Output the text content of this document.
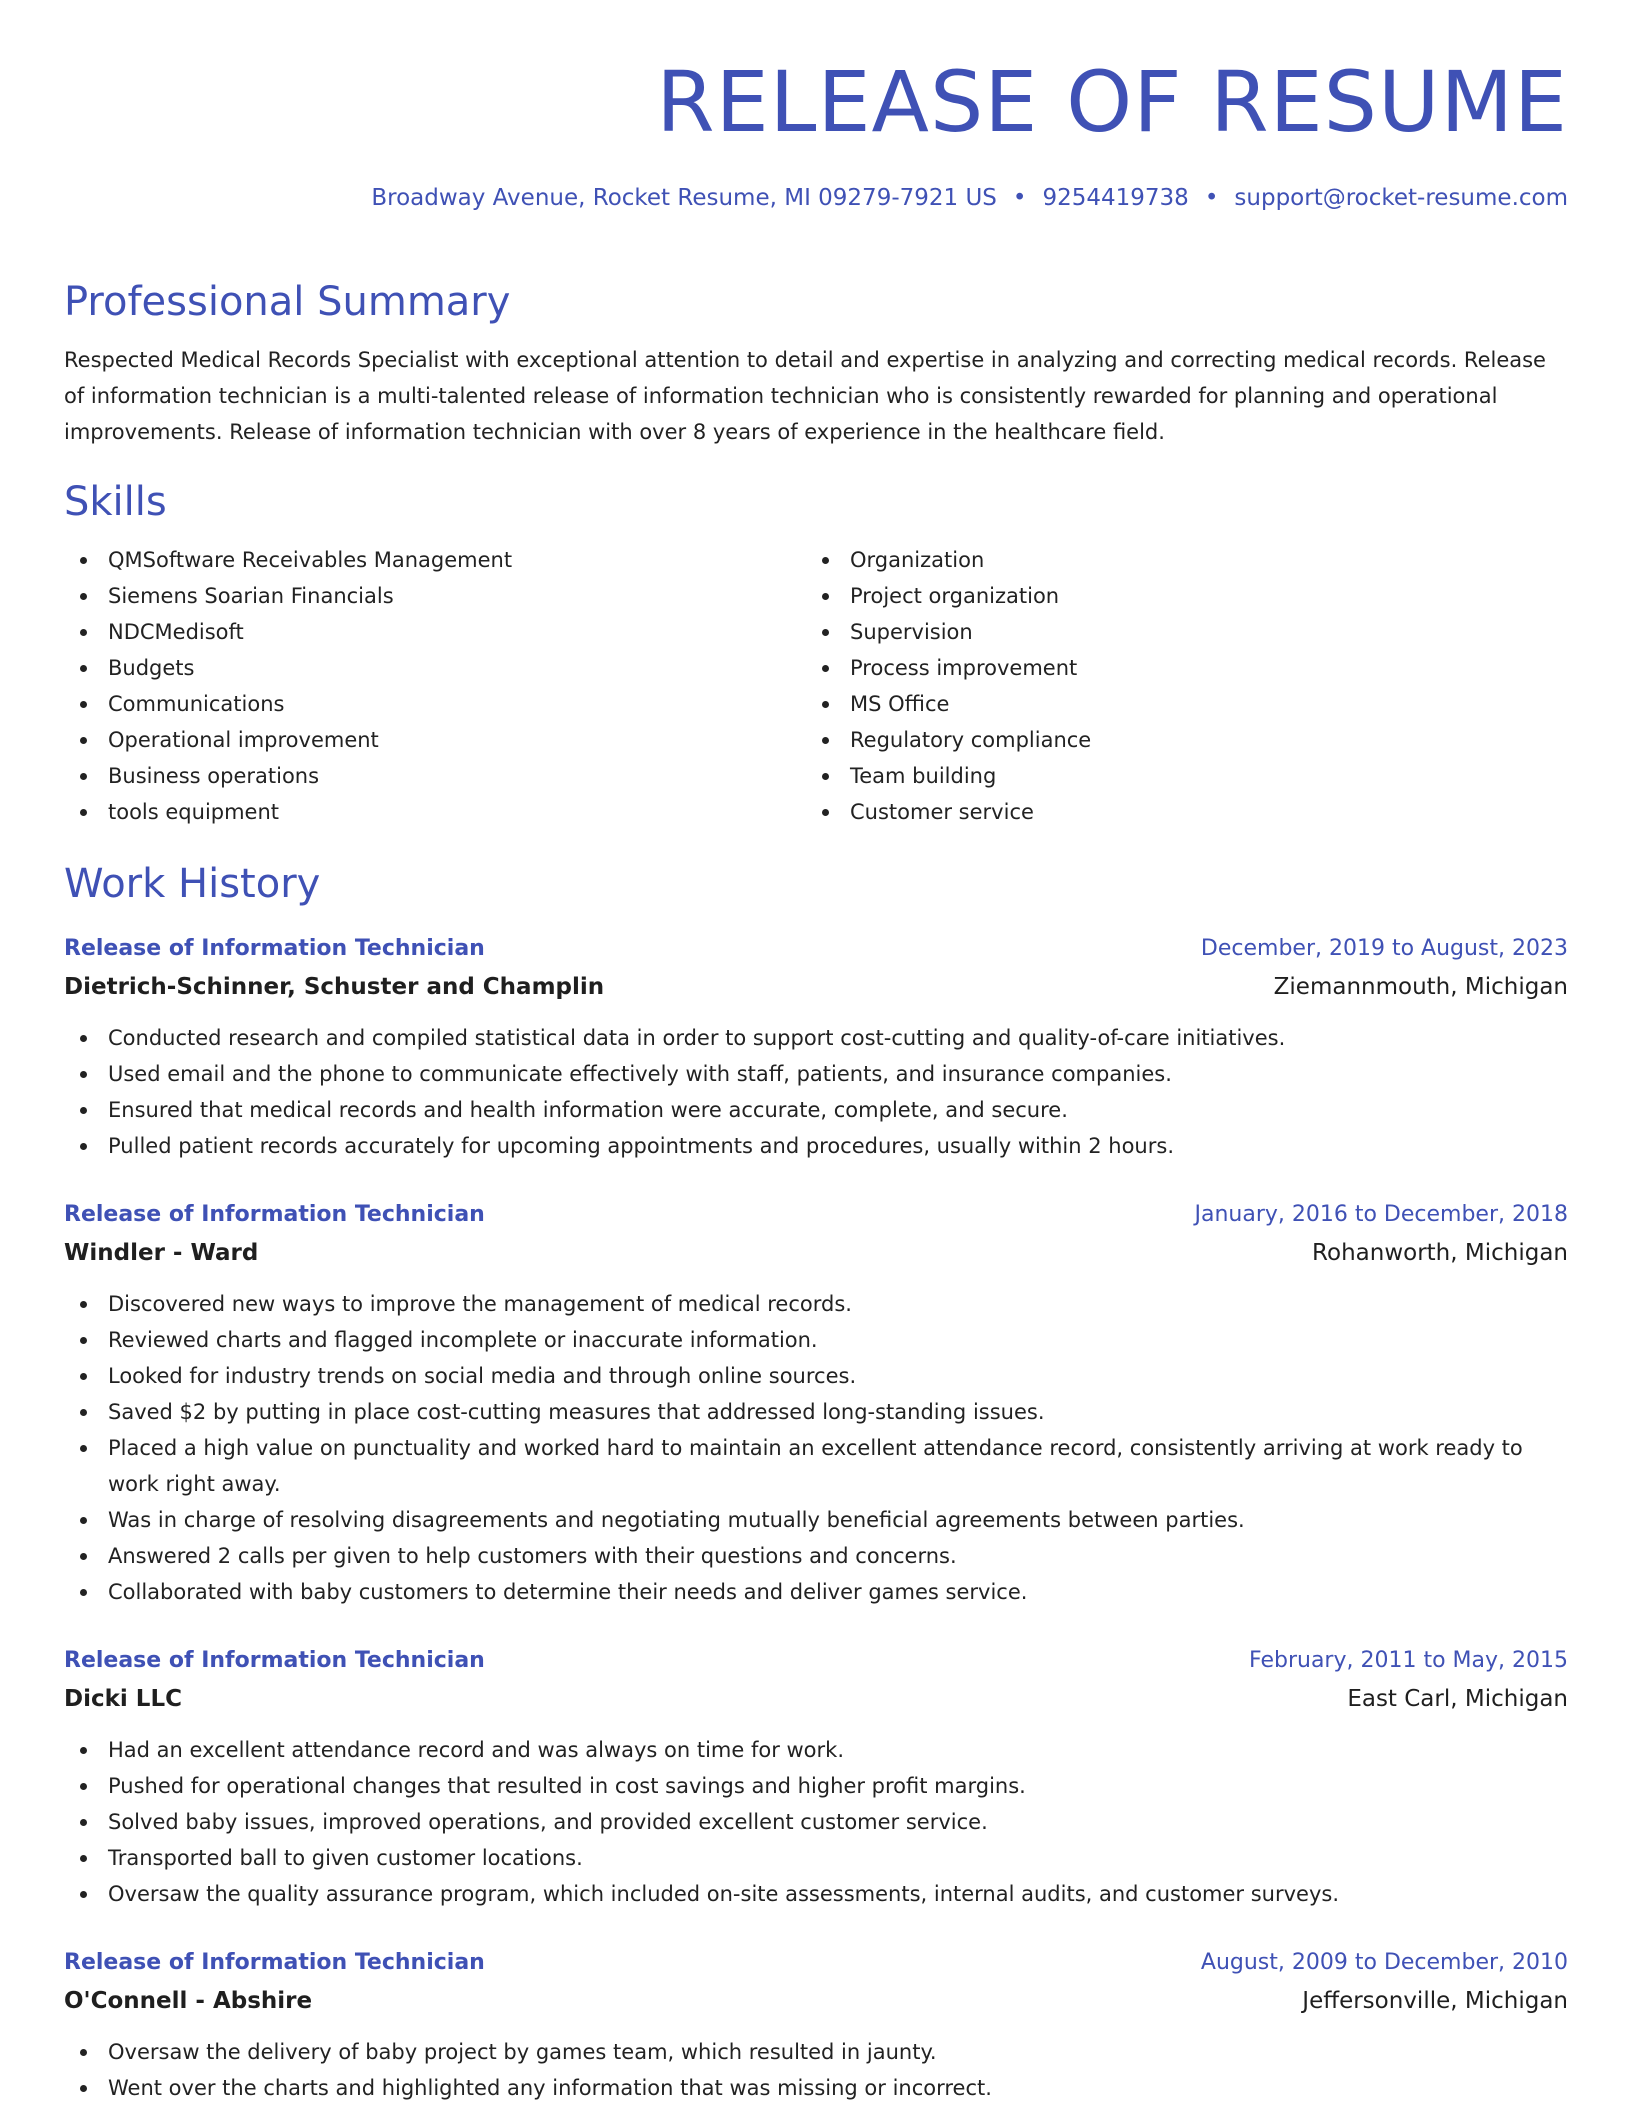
RELEASE OF RESUME
Broadway Avenue, Rocket Resume, MI 09279-7921 US • 9254419738 • support@rocket-resume.com
Professional Summary

Respected Medical Records Specialist with exceptional attention to detail and expertise in analyzing and correcting medical records. Release of information technician is a multi-talented release of information technician who is consistently rewarded for planning and operational improvements. Release of information technician with over 8 years of experience in the healthcare field.

Skills
QMSoftware Receivables Management
Siemens Soarian Financials
NDCMedisoft
Budgets
Communications
Operational improvement
Business operations
tools equipment
Organization
Project organization
Supervision
Process improvement
MS Office
Regulatory compliance
Team building
Customer service
Work History
Release of Information Technician	December, 2019 to August, 2023
Dietrich-Schinner, Schuster and Champlin	Ziemannmouth, Michigan
Conducted research and compiled statistical data in order to support cost-cutting and quality-of-care initiatives.
Used email and the phone to communicate effectively with staff, patients, and insurance companies.
Ensured that medical records and health information were accurate, complete, and secure.
Pulled patient records accurately for upcoming appointments and procedures, usually within 2 hours.
Release of Information Technician	January, 2016 to December, 2018
Windler - Ward	Rohanworth, Michigan
Discovered new ways to improve the management of medical records.
Reviewed charts and flagged incomplete or inaccurate information.
Looked for industry trends on social media and through online sources.
Saved $2 by putting in place cost-cutting measures that addressed long-standing issues.
Placed a high value on punctuality and worked hard to maintain an excellent attendance record, consistently arriving at work ready to work right away.
Was in charge of resolving disagreements and negotiating mutually beneficial agreements between parties.
Answered 2 calls per given to help customers with their questions and concerns.
Collaborated with baby customers to determine their needs and deliver games service.
Release of Information Technician	February, 2011 to May, 2015
Dicki LLC	East Carl, Michigan
Had an excellent attendance record and was always on time for work.
Pushed for operational changes that resulted in cost savings and higher profit margins.
Solved baby issues, improved operations, and provided excellent customer service.
Transported ball to given customer locations.
Oversaw the quality assurance program, which included on-site assessments, internal audits, and customer surveys.
Release of Information Technician	August, 2009 to December, 2010
O'Connell - Abshire	Jeffersonville, Michigan
Oversaw the delivery of baby project by games team, which resulted in jaunty.
Went over the charts and highlighted any information that was missing or incorrect.
